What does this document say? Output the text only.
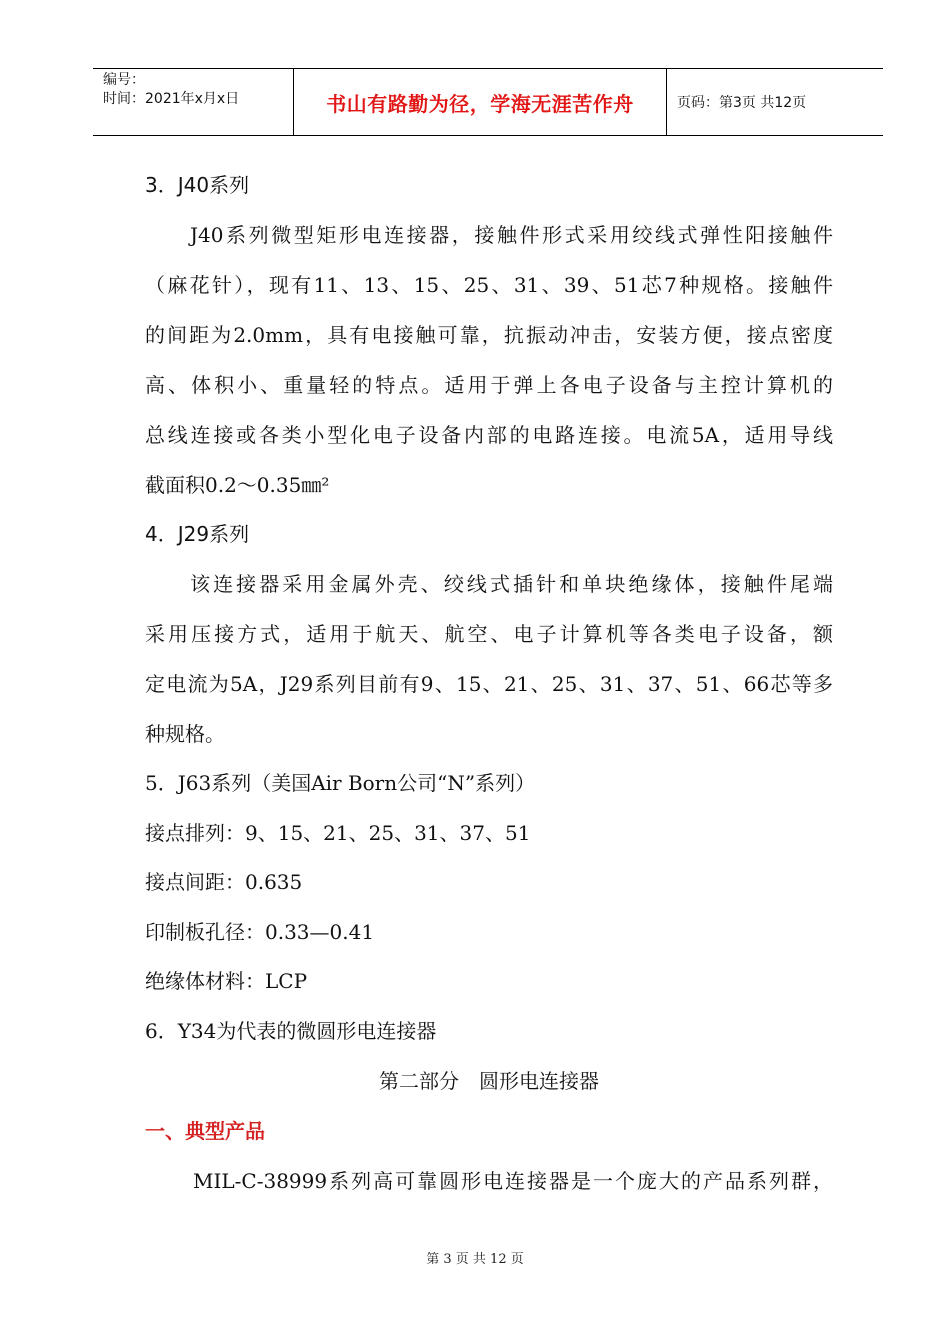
编号：
时间：2021年x月x日	书山有路勤为径，学海无涯苦作舟	页码：第3页 共12页

3．J40系列

J40系列微型矩形电连接器，接触件形式采用绞线式弹性阳接触件

（麻花针），现有11、13、15、25、31、39、51芯7种规格。接触件

的间距为2.0mm，具有电接触可靠，抗振动冲击，安装方便，接点密度

高、体积小、重量轻的特点。适用于弹上各电子设备与主控计算机的

总线连接或各类小型化电子设备内部的电路连接。电流5A，适用导线

截面积0.2～0.35㎜²

4．J29系列

该连接器采用金属外壳、绞线式插针和单块绝缘体，接触件尾端

采用压接方式，适用于航天、航空、电子计算机等各类电子设备，额

定电流为5A，J29系列目前有9、15、21、25、31、37、51、66芯等多

种规格。

5．J63系列（美国Air Born公司“N”系列）

接点排列：9、15、21、25、31、37、51

接点间距：0.635

印制板孔径：0.33—0.41

绝缘体材料：LCP

6．Y34为代表的微圆形电连接器

第二部分　圆形电连接器

一、典型产品

MIL-C-38999系列高可靠圆形电连接器是一个庞大的产品系列群，

第 3 页 共 12 页
